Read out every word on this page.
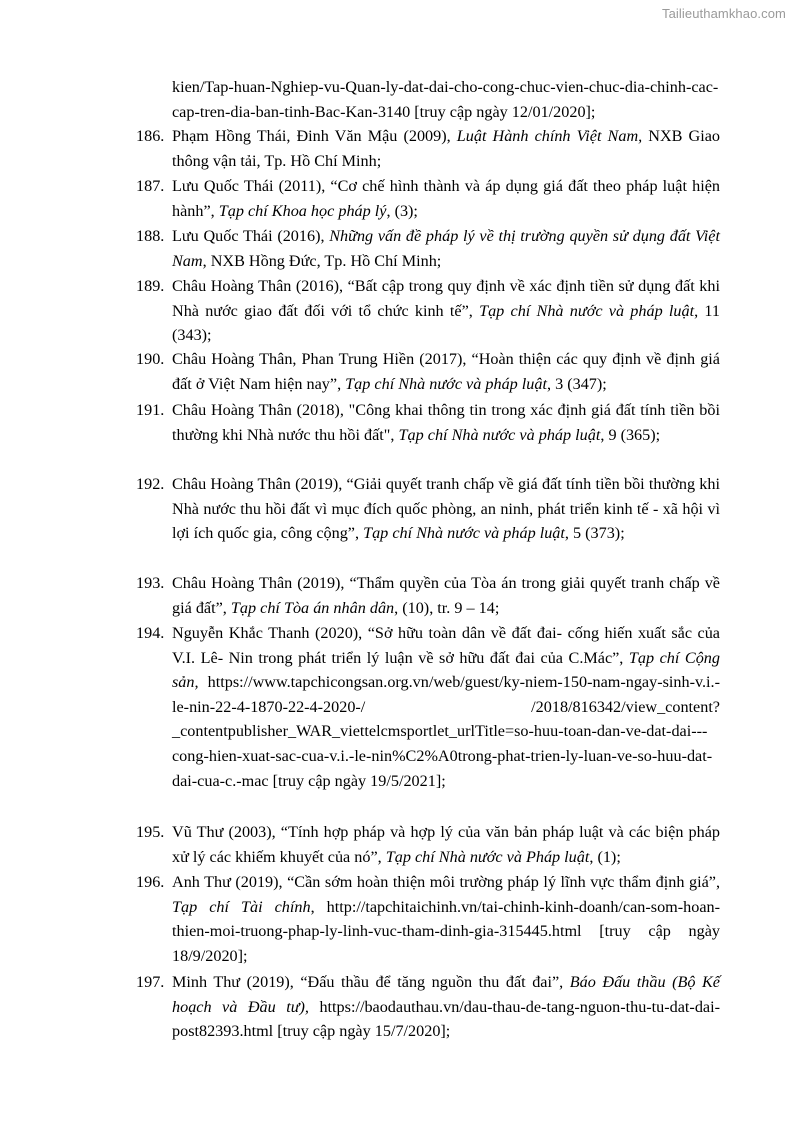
Tailieuthamkhao.com
kien/Tap-huan-Nghiep-vu-Quan-ly-dat-dai-cho-cong-chuc-vien-chuc-dia-chinh-cac-cap-tren-dia-ban-tinh-Bac-Kan-3140 [truy cập ngày 12/01/2020];
186. Phạm Hồng Thái, Đinh Văn Mậu (2009), Luật Hành chính Việt Nam, NXB Giao thông vận tải, Tp. Hồ Chí Minh;
187. Lưu Quốc Thái (2011), “Cơ chế hình thành và áp dụng giá đất theo pháp luật hiện hành”, Tạp chí Khoa học pháp lý, (3);
188. Lưu Quốc Thái (2016), Những vấn đề pháp lý về thị trường quyền sử dụng đất Việt Nam, NXB Hồng Đức, Tp. Hồ Chí Minh;
189. Châu Hoàng Thân (2016), “Bất cập trong quy định về xác định tiền sử dụng đất khi Nhà nước giao đất đối với tổ chức kinh tế”, Tạp chí Nhà nước và pháp luật, 11 (343);
190. Châu Hoàng Thân, Phan Trung Hiền (2017), “Hoàn thiện các quy định về định giá đất ở Việt Nam hiện nay”, Tạp chí Nhà nước và pháp luật, 3 (347);
191. Châu Hoàng Thân (2018), "Công khai thông tin trong xác định giá đất tính tiền bồi thường khi Nhà nước thu hồi đất", Tạp chí Nhà nước và pháp luật, 9 (365);
192. Châu Hoàng Thân (2019), “Giải quyết tranh chấp về giá đất tính tiền bồi thường khi Nhà nước thu hồi đất vì mục đích quốc phòng, an ninh, phát triển kinh tế - xã hội vì lợi ích quốc gia, công cộng”, Tạp chí Nhà nước và pháp luật, 5 (373);
193. Châu Hoàng Thân (2019), “Thẩm quyền của Tòa án trong giải quyết tranh chấp về giá đất”, Tạp chí Tòa án nhân dân, (10), tr. 9 – 14;
194. Nguyễn Khắc Thanh (2020), “Sở hữu toàn dân về đất đai- cống hiến xuất sắc của V.I. Lê- Nin trong phát triển lý luận về sở hữu đất đai của C.Mác”, Tạp chí Cộng sản, https://www.tapchicongsan.org.vn/web/guest/ky-niem-150-nam-ngay-sinh-v.i.-le-nin-22-4-1870-22-4-2020-/ /2018/816342/view_content?_contentpublisher_WAR_viettelcmsportlet_urlTitle=so-huu-toan-dan-ve-dat-dai---cong-hien-xuat-sac-cua-v.i.-le-nin%C2%A0trong-phat-trien-ly-luan-ve-so-huu-dat-dai-cua-c.-mac [truy cập ngày 19/5/2021];
195. Vũ Thư (2003), “Tính hợp pháp và hợp lý của văn bản pháp luật và các biện pháp xử lý các khiếm khuyết của nó”, Tạp chí Nhà nước và Pháp luật, (1);
196. Anh Thư (2019), “Cần sớm hoàn thiện môi trường pháp lý lĩnh vực thẩm định giá”, Tạp chí Tài chính, http://tapchitaichinh.vn/tai-chinh-kinh-doanh/can-som-hoan-thien-moi-truong-phap-ly-linh-vuc-tham-dinh-gia-315445.html [truy cập ngày 18/9/2020];
197. Minh Thư (2019), “Đấu thầu để tăng nguồn thu đất đai”, Báo Đấu thầu (Bộ Kế hoạch và Đầu tư), https://baodauthau.vn/dau-thau-de-tang-nguon-thu-tu-dat-dai-post82393.html [truy cập ngày 15/7/2020];
